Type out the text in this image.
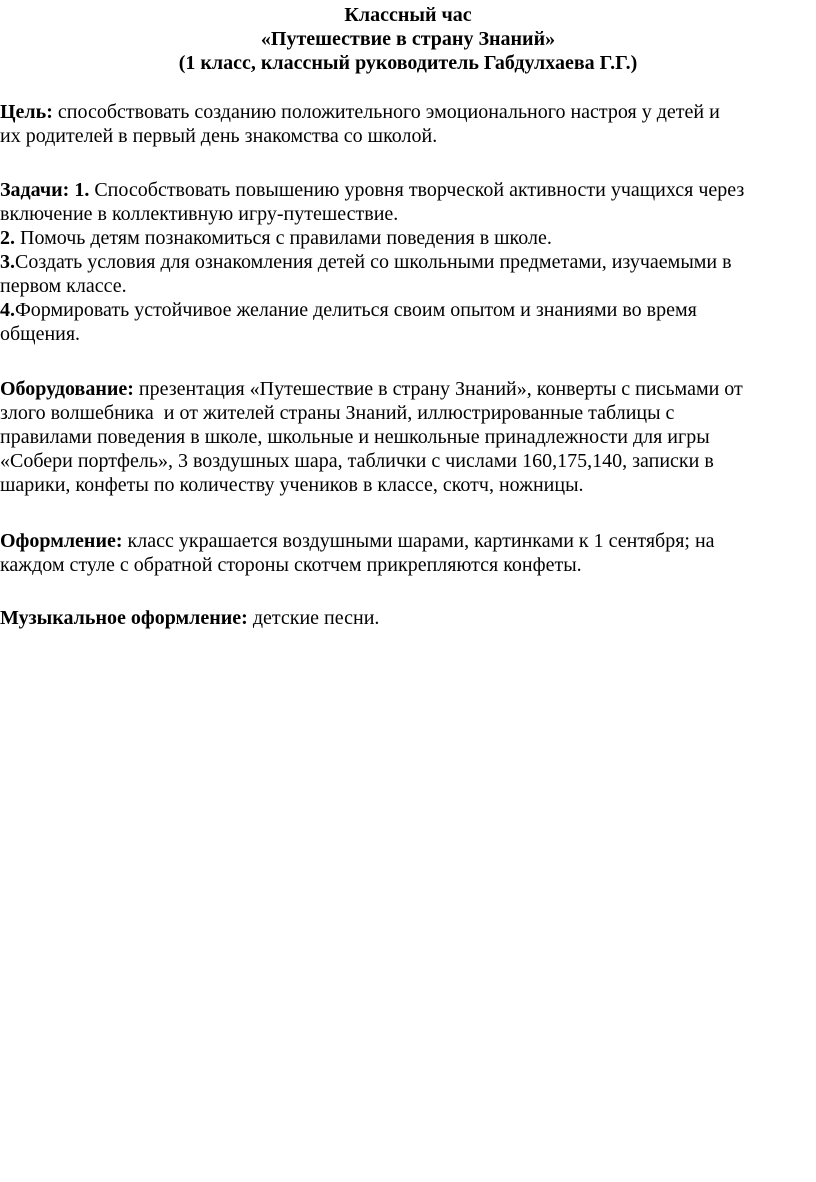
Классный час
«Путешествие в страну Знаний»
(1 класс, классный руководитель Габдулхаева Г.Г.)
Цель: способствовать созданию положительного эмоционального настроя у детей и
их родителей в первый день знакомства со школой.
Задачи: 1. Способствовать повышению уровня творческой активности учащихся через
включение в коллективную игру-путешествие.
2. Помочь детям познакомиться с правилами поведения в школе.
3.Создать условия для ознакомления детей со школьными предметами, изучаемыми в
первом классе.
4.Формировать устойчивое желание делиться своим опытом и знаниями во время
общения.
Оборудование: презентация «Путешествие в страну Знаний», конверты с письмами от
злого волшебника  и от жителей страны Знаний, иллюстрированные таблицы с
правилами поведения в школе, школьные и нешкольные принадлежности для игры
«Собери портфель», 3 воздушных шара, таблички с числами 160,175,140, записки в
шарики, конфеты по количеству учеников в классе, скотч, ножницы.
Оформление: класс украшается воздушными шарами, картинками к 1 сентября; на
каждом стуле с обратной стороны скотчем прикрепляются конфеты.
Музыкальное оформление: детские песни.
